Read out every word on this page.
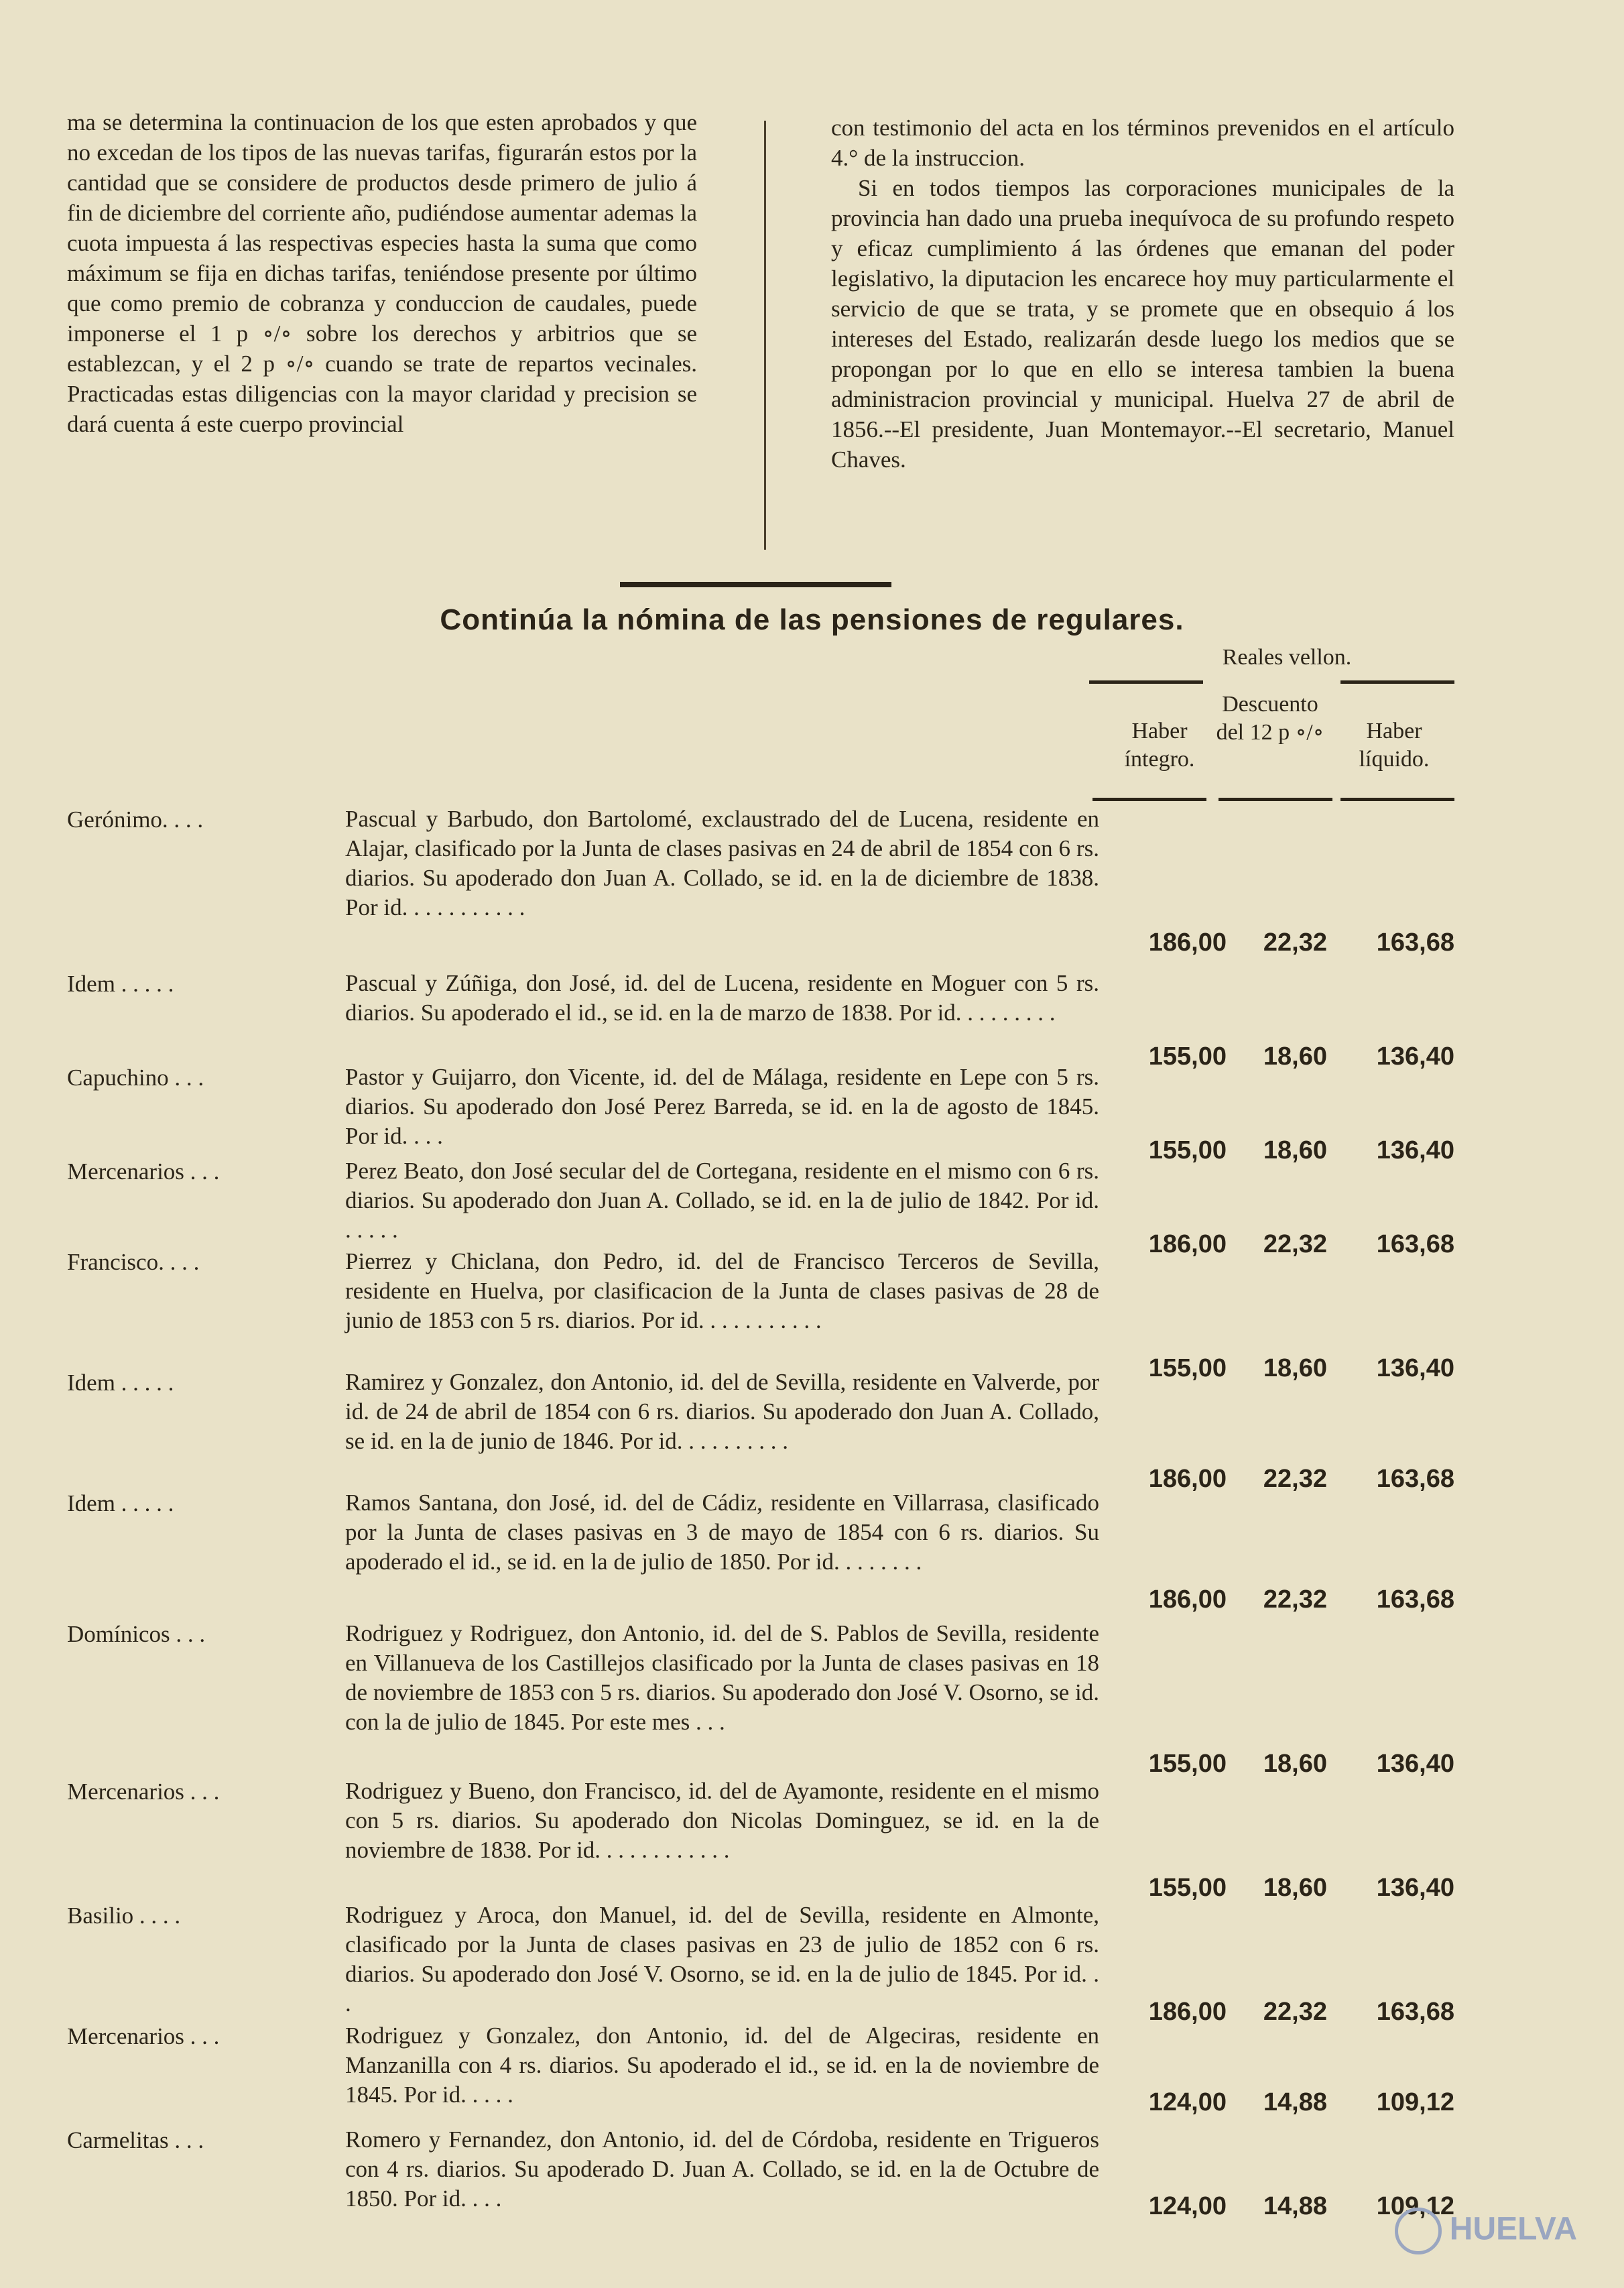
ma se determina la continuacion de los que esten aprobados y que no excedan de los tipos de las nuevas tarifas, figurarán estos por la cantidad que se considere de productos desde primero de julio á fin de diciembre del corriente año, pudiéndose aumentar ademas la cuota impuesta á las respectivas especies hasta la suma que como máximum se fija en dichas tarifas, teniéndose presente por último que como premio de cobranza y conduccion de caudales, puede imponerse el 1 p ∘/∘ sobre los derechos y arbitrios que se establezcan, y el 2 p ∘/∘ cuando se trate de repartos vecinales. Practicadas estas diligencias con la mayor claridad y precision se dará cuenta á este cuerpo provincial

con testimonio del acta en los términos prevenidos en el artículo 4.° de la instruccion.

Si en todos tiempos las corporaciones municipales de la provincia han dado una prueba inequívoca de su profundo respeto y eficaz cumplimiento á las órdenes que emanan del poder legislativo, la diputacion les encarece hoy muy particularmente el servicio de que se trata, y se promete que en obsequio á los intereses del Estado, realizarán desde luego los medios que se propongan por lo que en ello se interesa tambien la buena administracion provincial y municipal. Huelva 27 de abril de 1856.--El presidente, Juan Montemayor.--El secretario, Manuel Chaves.

Continúa la nómina de las pensiones de regulares.
Reales vellon.
Haber íntegro.
Descuento del 12 p ∘/∘	Haber líquido.
Gerónimo. . . .	Pascual y Barbudo, don Bartolomé, exclaustrado del de Lucena, residente en Alajar, clasificado por la Junta de clases pasivas en 24 de abril de 1854 con 6 rs. diarios. Su apoderado don Juan A. Collado, se id. en la de diciembre de 1838. Por id. . . . . . . . . . .
186,00	22,32	163,68
Idem . . . . .	Pascual y Zúñiga, don José, id. del de Lucena, residente en Moguer con 5 rs. diarios. Su apoderado el id., se id. en la de marzo de 1838. Por id. . . . . . . . .
155,00	18,60	136,40
Capuchino . . .	Pastor y Guijarro, don Vicente, id. del de Málaga, residente en Lepe con 5 rs. diarios. Su apoderado don José Perez Barreda, se id. en la de agosto de 1845. Por id. . . .
155,00	18,60	136,40
Mercenarios . . .	Perez Beato, don José secular del de Cortegana, residente en el mismo con 6 rs. diarios. Su apoderado don Juan A. Collado, se id. en la de julio de 1842. Por id. . . . . .
186,00	22,32	163,68
Francisco. . . .	Pierrez y Chiclana, don Pedro, id. del de Francisco Terceros de Sevilla, residente en Huelva, por clasificacion de la Junta de clases pasivas de 28 de junio de 1853 con 5 rs. diarios. Por id. . . . . . . . . . .
155,00	18,60	136,40
Idem . . . . .	Ramirez y Gonzalez, don Antonio, id. del de Sevilla, residente en Valverde, por id. de 24 de abril de 1854 con 6 rs. diarios. Su apoderado don Juan A. Collado, se id. en la de junio de 1846. Por id. . . . . . . . . .
186,00	22,32	163,68
Idem . . . . .	Ramos Santana, don José, id. del de Cádiz, residente en Villarrasa, clasificado por la Junta de clases pasivas en 3 de mayo de 1854 con 6 rs. diarios. Su apoderado el id., se id. en la de julio de 1850. Por id. . . . . . . .
186,00	22,32	163,68
Domínicos . . .	Rodriguez y Rodriguez, don Antonio, id. del de S. Pablos de Sevilla, residente en Villanueva de los Castillejos clasificado por la Junta de clases pasivas en 18 de noviembre de 1853 con 5 rs. diarios. Su apoderado don José V. Osorno, se id. con la de julio de 1845. Por este mes . . .
155,00	18,60	136,40
Mercenarios . . .	Rodriguez y Bueno, don Francisco, id. del de Ayamonte, residente en el mismo con 5 rs. diarios. Su apoderado don Nicolas Dominguez, se id. en la de noviembre de 1838. Por id. . . . . . . . . . . .
155,00	18,60	136,40
Basilio . . . .	Rodriguez y Aroca, don Manuel, id. del de Sevilla, residente en Almonte, clasificado por la Junta de clases pasivas en 23 de julio de 1852 con 6 rs. diarios. Su apoderado don José V. Osorno, se id. en la de julio de 1845. Por id. . .	186,00	22,32	163,68
Mercenarios . . .	Rodriguez y Gonzalez, don Antonio, id. del de Algeciras, residente en Manzanilla con 4 rs. diarios. Su apoderado el id., se id. en la de noviembre de 1845. Por id. . . . .	124,00	14,88	109,12
Carmelitas . . .	Romero y Fernandez, don Antonio, id. del de Córdoba, residente en Trigueros con 4 rs. diarios. Su apoderado D. Juan A. Collado, se id. en la de Octubre de 1850. Por id. . . .	124,00	14,88	109,12
HUELVA
